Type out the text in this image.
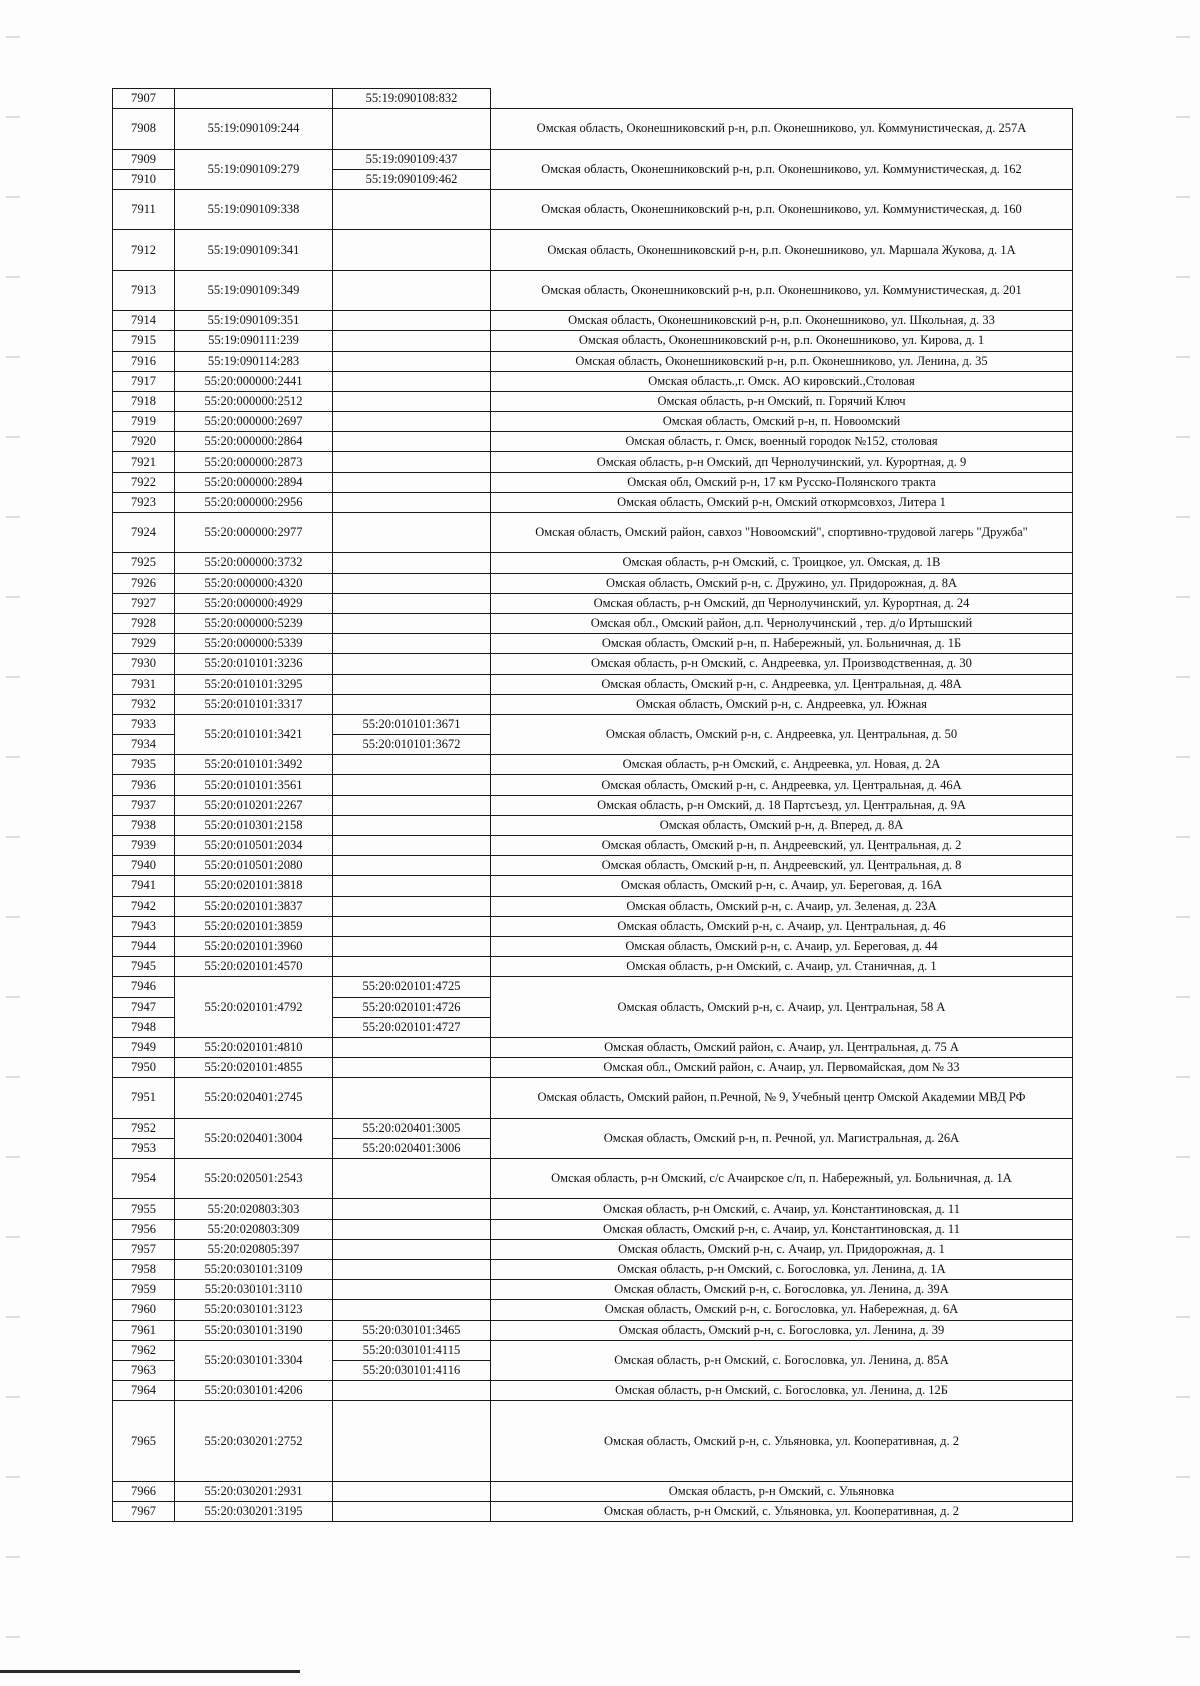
7907		55:19:090108:832	
7908	55:19:090109:244		Омская область, Оконешниковский р-н, р.п. Оконешниково, ул. Коммунистическая, д. 257А
7909	55:19:090109:279	55:19:090109:437	Омская область, Оконешниковский р-н, р.п. Оконешниково, ул. Коммунистическая, д. 162
7910		55:19:090109:462	
7911	55:19:090109:338		Омская область, Оконешниковский р-н, р.п. Оконешниково, ул. Коммунистическая, д. 160
7912	55:19:090109:341		Омская область, Оконешниковский р-н, р.п. Оконешниково, ул. Маршала Жукова, д. 1А
7913	55:19:090109:349		Омская область, Оконешниковский р-н, р.п. Оконешниково, ул. Коммунистическая, д. 201
7914	55:19:090109:351		Омская область, Оконешниковский р-н, р.п. Оконешниково, ул. Школьная, д. 33
7915	55:19:090111:239		Омская область, Оконешниковский р-н, р.п. Оконешниково, ул. Кирова, д. 1
7916	55:19:090114:283		Омская область, Оконешниковский р-н, р.п. Оконешниково, ул. Ленина, д. 35
7917	55:20:000000:2441		Омская область.,г. Омск. АО кировский.,Столовая
7918	55:20:000000:2512		Омская область, р-н Омский, п. Горячий Ключ
7919	55:20:000000:2697		Омская область, Омский р-н, п. Новоомский
7920	55:20:000000:2864		Омская область, г. Омск, военный городок №152, столовая
7921	55:20:000000:2873		Омская область, р-н Омский, дп Чернолучинский, ул. Курортная, д. 9
7922	55:20:000000:2894		Омская обл, Омский р-н, 17 км Русско-Полянского тракта
7923	55:20:000000:2956		Омская область, Омский р-н, Омский откормсовхоз, Литера 1
7924	55:20:000000:2977		Омская область, Омский район, савхоз "Новоомский", спортивно-трудовой лагерь "Дружба"
7925	55:20:000000:3732		Омская область, р-н Омский, с. Троицкое, ул. Омская, д. 1В
7926	55:20:000000:4320		Омская область, Омский р-н, с. Дружино, ул. Придорожная, д. 8А
7927	55:20:000000:4929		Омская область, р-н Омский, дп Чернолучинский, ул. Курортная, д. 24
7928	55:20:000000:5239		Омская обл., Омский район, д.п. Чернолучинский , тер. д/о Иртышский
7929	55:20:000000:5339		Омская область, Омский р-н, п. Набережный, ул. Больничная, д. 1Б
7930	55:20:010101:3236		Омская область, р-н Омский, с. Андреевка, ул. Производственная, д. 30
7931	55:20:010101:3295		Омская область, Омский р-н, с. Андреевка, ул. Центральная, д. 48А
7932	55:20:010101:3317		Омская область, Омский р-н, с. Андреевка, ул. Южная
7933	55:20:010101:3421	55:20:010101:3671	Омская область, Омский р-н, с. Андреевка, ул. Центральная, д. 50
7934		55:20:010101:3672	
7935	55:20:010101:3492		Омская область, р-н Омский, с. Андреевка, ул. Новая, д. 2А
7936	55:20:010101:3561		Омская область, Омский р-н, с. Андреевка, ул. Центральная, д. 46А
7937	55:20:010201:2267		Омская область, р-н Омский, д. 18 Партсъезд, ул. Центральная, д. 9А
7938	55:20:010301:2158		Омская область, Омский р-н, д. Вперед, д. 8А
7939	55:20:010501:2034		Омская область, Омский р-н, п. Андреевский, ул. Центральная, д. 2
7940	55:20:010501:2080		Омская область, Омский р-н, п. Андреевский, ул. Центральная, д. 8
7941	55:20:020101:3818		Омская область, Омский р-н, с. Ачаир, ул. Береговая, д. 16А
7942	55:20:020101:3837		Омская область, Омский р-н, с. Ачаир, ул. Зеленая, д. 23А
7943	55:20:020101:3859		Омская область, Омский р-н, с. Ачаир, ул. Центральная, д. 46
7944	55:20:020101:3960		Омская область, Омский р-н, с. Ачаир, ул. Береговая, д. 44
7945	55:20:020101:4570		Омская область, р-н Омский, с. Ачаир, ул. Станичная, д. 1
7946	55:20:020101:4792	55:20:020101:4725	Омская область, Омский р-н, с. Ачаир, ул. Центральная, 58 А
7947		55:20:020101:4726	
7948		55:20:020101:4727	
7949	55:20:020101:4810		Омская область, Омский район, с. Ачаир, ул. Центральная, д. 75 А
7950	55:20:020101:4855		Омская обл., Омский район, с. Ачаир, ул. Первомайская, дом № 33
7951	55:20:020401:2745		Омская область, Омский район, п.Речной, № 9, Учебный центр Омской Академии МВД РФ
7952	55:20:020401:3004	55:20:020401:3005	Омская область, Омский р-н, п. Речной, ул. Магистральная, д. 26А
7953		55:20:020401:3006	
7954	55:20:020501:2543		Омская область, р-н Омский, с/с Ачаирское с/п, п. Набережный, ул. Больничная, д. 1А
7955	55:20:020803:303		Омская область, р-н Омский, с. Ачаир, ул. Константиновская, д. 11
7956	55:20:020803:309		Омская область, Омский р-н, с. Ачаир, ул. Константиновская, д. 11
7957	55:20:020805:397		Омская область, Омский р-н, с. Ачаир, ул. Придорожная, д. 1
7958	55:20:030101:3109		Омская область, р-н Омский, с. Богословка, ул. Ленина, д. 1А
7959	55:20:030101:3110		Омская область, Омский р-н, с. Богословка, ул. Ленина, д. 39А
7960	55:20:030101:3123		Омская область, Омский р-н, с. Богословка, ул. Набережная, д. 6А
7961	55:20:030101:3190	55:20:030101:3465	Омская область, Омский р-н, с. Богословка, ул. Ленина, д. 39
7962	55:20:030101:3304	55:20:030101:4115	Омская область, р-н Омский, с. Богословка, ул. Ленина, д. 85А
7963		55:20:030101:4116	
7964	55:20:030101:4206		Омская область, р-н Омский, с. Богословка, ул. Ленина, д. 12Б
7965	55:20:030201:2752		Омская область, Омский р-н, с. Ульяновка, ул. Кооперативная, д. 2
7966	55:20:030201:2931		Омская область, р-н Омский, с. Ульяновка
7967	55:20:030201:3195		Омская область, р-н Омский, с. Ульяновка, ул. Кооперативная, д. 2
